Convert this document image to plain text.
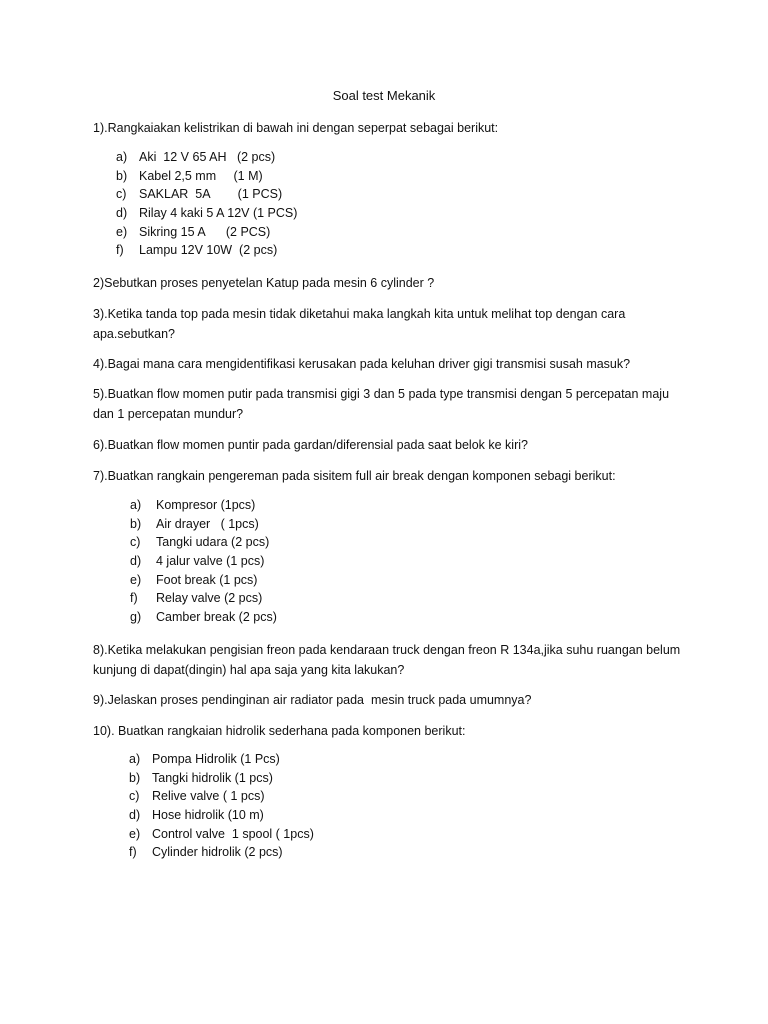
Soal test Mekanik
1).Rangkaiakan kelistrikan di bawah ini dengan seperpat sebagai berikut:
a) Aki  12 V 65 AH   (2 pcs)
b) Kabel 2,5 mm     (1 M)
c) SAKLAR  5A        (1 PCS)
d) Rilay 4 kaki 5 A 12V (1 PCS)
e) Sikring 15 A      (2 PCS)
f) Lampu 12V 10W  (2 pcs)
2)Sebutkan proses penyetelan Katup pada mesin 6 cylinder ?
3).Ketika tanda top pada mesin tidak diketahui maka langkah kita untuk melihat top dengan cara apa.sebutkan?
4).Bagai mana cara mengidentifikasi kerusakan pada keluhan driver gigi transmisi susah masuk?
5).Buatkan flow momen putir pada transmisi gigi 3 dan 5 pada type transmisi dengan 5 percepatan maju dan 1 percepatan mundur?
6).Buatkan flow momen puntir pada gardan/diferensial pada saat belok ke kiri?
7).Buatkan rangkain pengereman pada sisitem full air break dengan komponen sebagi berikut:
a) Kompresor (1pcs)
b) Air drayer   ( 1pcs)
c) Tangki udara (2 pcs)
d) 4 jalur valve (1 pcs)
e) Foot break (1 pcs)
f) Relay valve (2 pcs)
g) Camber break (2 pcs)
8).Ketika melakukan pengisian freon pada kendaraan truck dengan freon R 134a,jika suhu ruangan belum kunjung di dapat(dingin) hal apa saja yang kita lakukan?
9).Jelaskan proses pendinginan air radiator pada  mesin truck pada umumnya?
10). Buatkan rangkaian hidrolik sederhana pada komponen berikut:
a) Pompa Hidrolik (1 Pcs)
b) Tangki hidrolik (1 pcs)
c) Relive valve ( 1 pcs)
d) Hose hidrolik (10 m)
e) Control valve  1 spool ( 1pcs)
f) Cylinder hidrolik (2 pcs)
